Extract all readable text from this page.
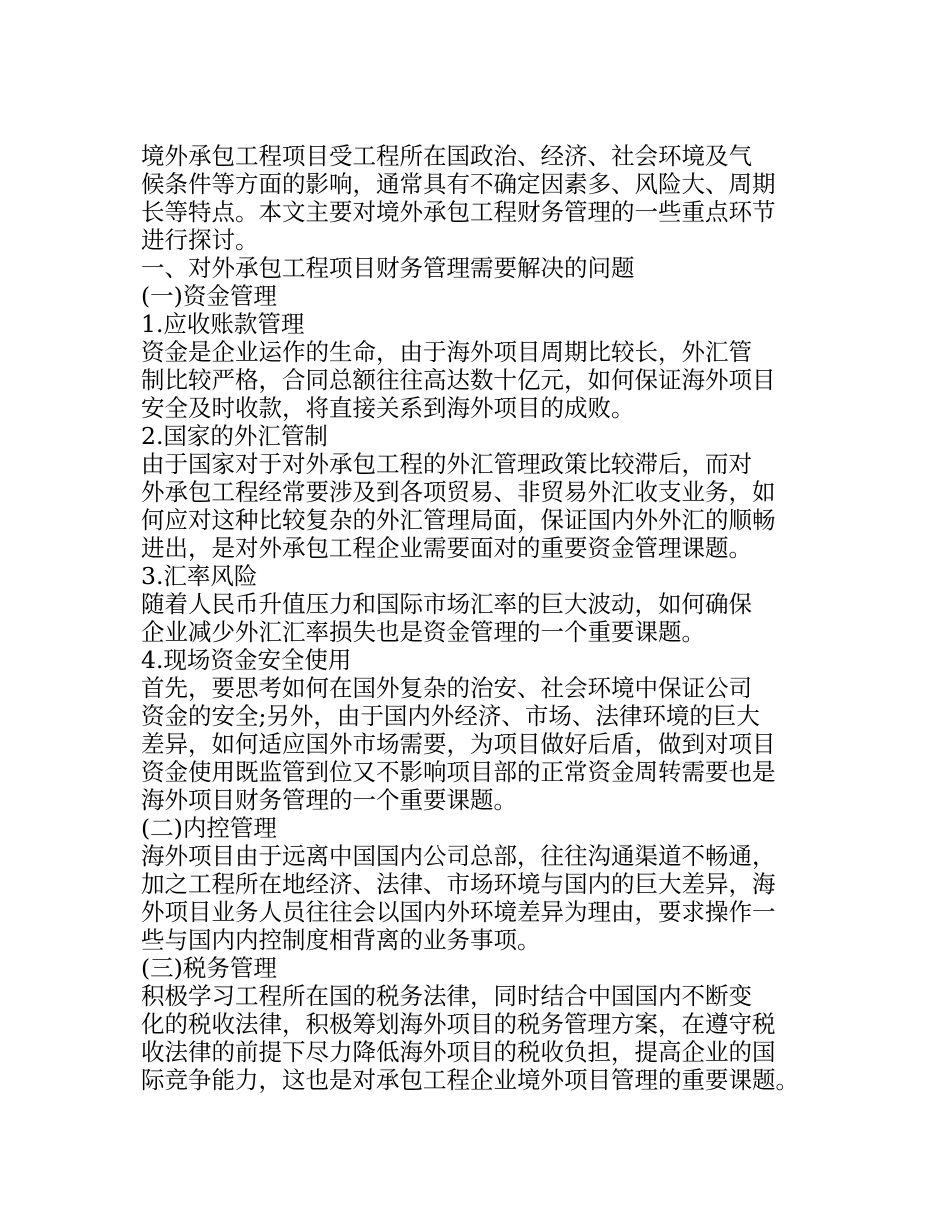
境外承包工程项目受工程所在国政治、经济、社会环境及气
候条件等方面的影响，通常具有不确定因素多、风险大、周期
长等特点。本文主要对境外承包工程财务管理的一些重点环节
进行探讨。
一、对外承包工程项目财务管理需要解决的问题
(一)资金管理
1.应收账款管理
资金是企业运作的生命，由于海外项目周期比较长，外汇管
制比较严格，合同总额往往高达数十亿元，如何保证海外项目
安全及时收款，将直接关系到海外项目的成败。
2.国家的外汇管制
由于国家对于对外承包工程的外汇管理政策比较滞后，而对
外承包工程经常要涉及到各项贸易、非贸易外汇收支业务，如
何应对这种比较复杂的外汇管理局面，保证国内外外汇的顺畅
进出，是对外承包工程企业需要面对的重要资金管理课题。
3.汇率风险
随着人民币升值压力和国际市场汇率的巨大波动，如何确保
企业减少外汇汇率损失也是资金管理的一个重要课题。
4.现场资金安全使用
首先，要思考如何在国外复杂的治安、社会环境中保证公司
资金的安全;另外，由于国内外经济、市场、法律环境的巨大
差异，如何适应国外市场需要，为项目做好后盾，做到对项目
资金使用既监管到位又不影响项目部的正常资金周转需要也是
海外项目财务管理的一个重要课题。
(二)内控管理
海外项目由于远离中国国内公司总部，往往沟通渠道不畅通，
加之工程所在地经济、法律、市场环境与国内的巨大差异，海
外项目业务人员往往会以国内外环境差异为理由，要求操作一
些与国内内控制度相背离的业务事项。
(三)税务管理
积极学习工程所在国的税务法律，同时结合中国国内不断变
化的税收法律，积极筹划海外项目的税务管理方案，在遵守税
收法律的前提下尽力降低海外项目的税收负担，提高企业的国
际竞争能力，这也是对承包工程企业境外项目管理的重要课题。
